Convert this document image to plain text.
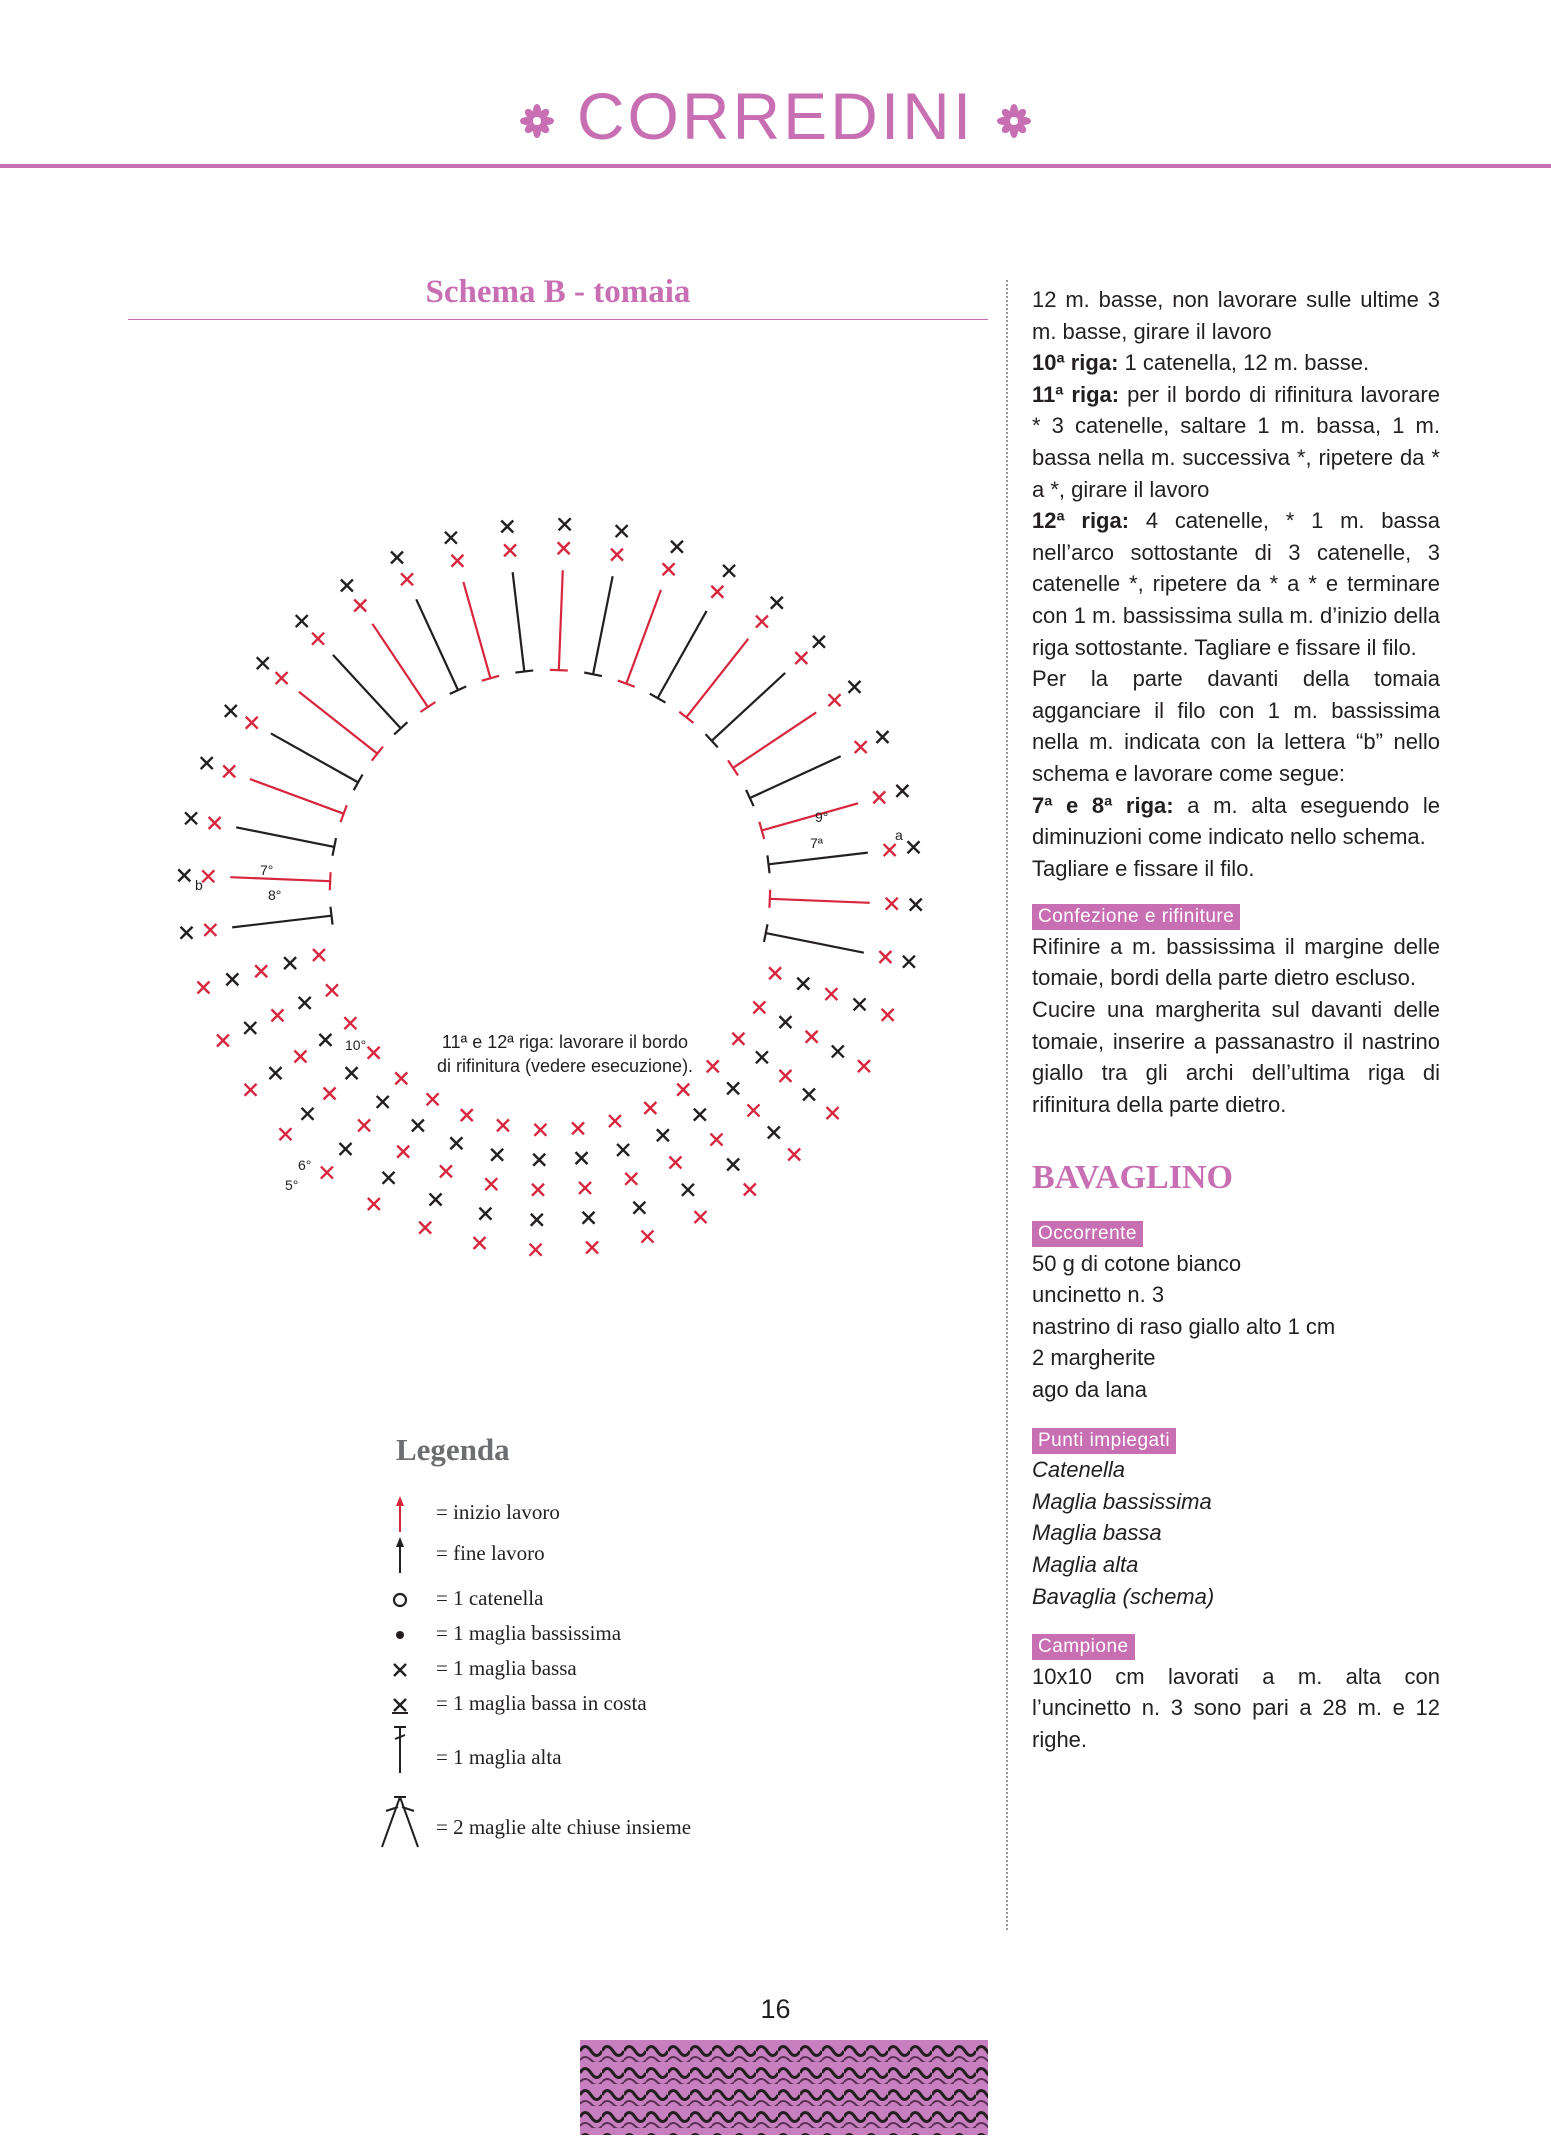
CORREDINI
Schema B - tomaia
b
7°
8°
10°
5°
6°
a
9°
7ª
11ª e 12ª riga: lavorare il bordo
di rifinitura (vedere esecuzione).
Legenda
= inizio lavoro
= fine lavoro
= 1 catenella
= 1 maglia bassissima
= 1 maglia bassa
= 1 maglia bassa in costa
= 1 maglia alta
= 2 maglie alte chiuse insieme

12 m. basse, non lavorare sulle ultime 3 m. basse, girare il lavoro

10ª riga: 1 catenella, 12 m. basse.

11ª riga: per il bordo di rifinitura lavorare * 3 catenelle, saltare 1 m. bassa, 1 m. bassa nella m. successiva *, ripetere da * a *, girare il lavoro

12ª riga: 4 catenelle, * 1 m. bassa nell’arco sottostante di 3 catenelle, 3 catenelle *, ripetere da * a * e terminare con 1 m. bassissima sulla m. d’inizio della riga sottostante. Tagliare e fissare il filo.

Per la parte davanti della tomaia agganciare il filo con 1 m. bassissima nella m. indicata con la lettera “b” nello schema e lavorare come segue:

7ª e 8ª riga: a m. alta eseguendo le diminuzioni come indicato nello schema.

Tagliare e fissare il filo.

Confezione e rifiniture

Rifinire a m. bassissima il margine delle tomaie, bordi della parte dietro escluso.

Cucire una margherita sul davanti delle tomaie, inserire a passanastro il nastrino giallo tra gli archi dell’ultima riga di rifinitura della parte dietro.

BAVAGLINO
Occorrente

50 g di cotone bianco

uncinetto n. 3

nastrino di raso giallo alto 1 cm

2 margherite

ago da lana

Punti impiegati

Catenella

Maglia bassissima

Maglia bassa

Maglia alta

Bavaglia (schema)

Campione

10x10 cm lavorati a m. alta con l’uncinetto n. 3 sono pari a 28 m. e 12 righe.

16
